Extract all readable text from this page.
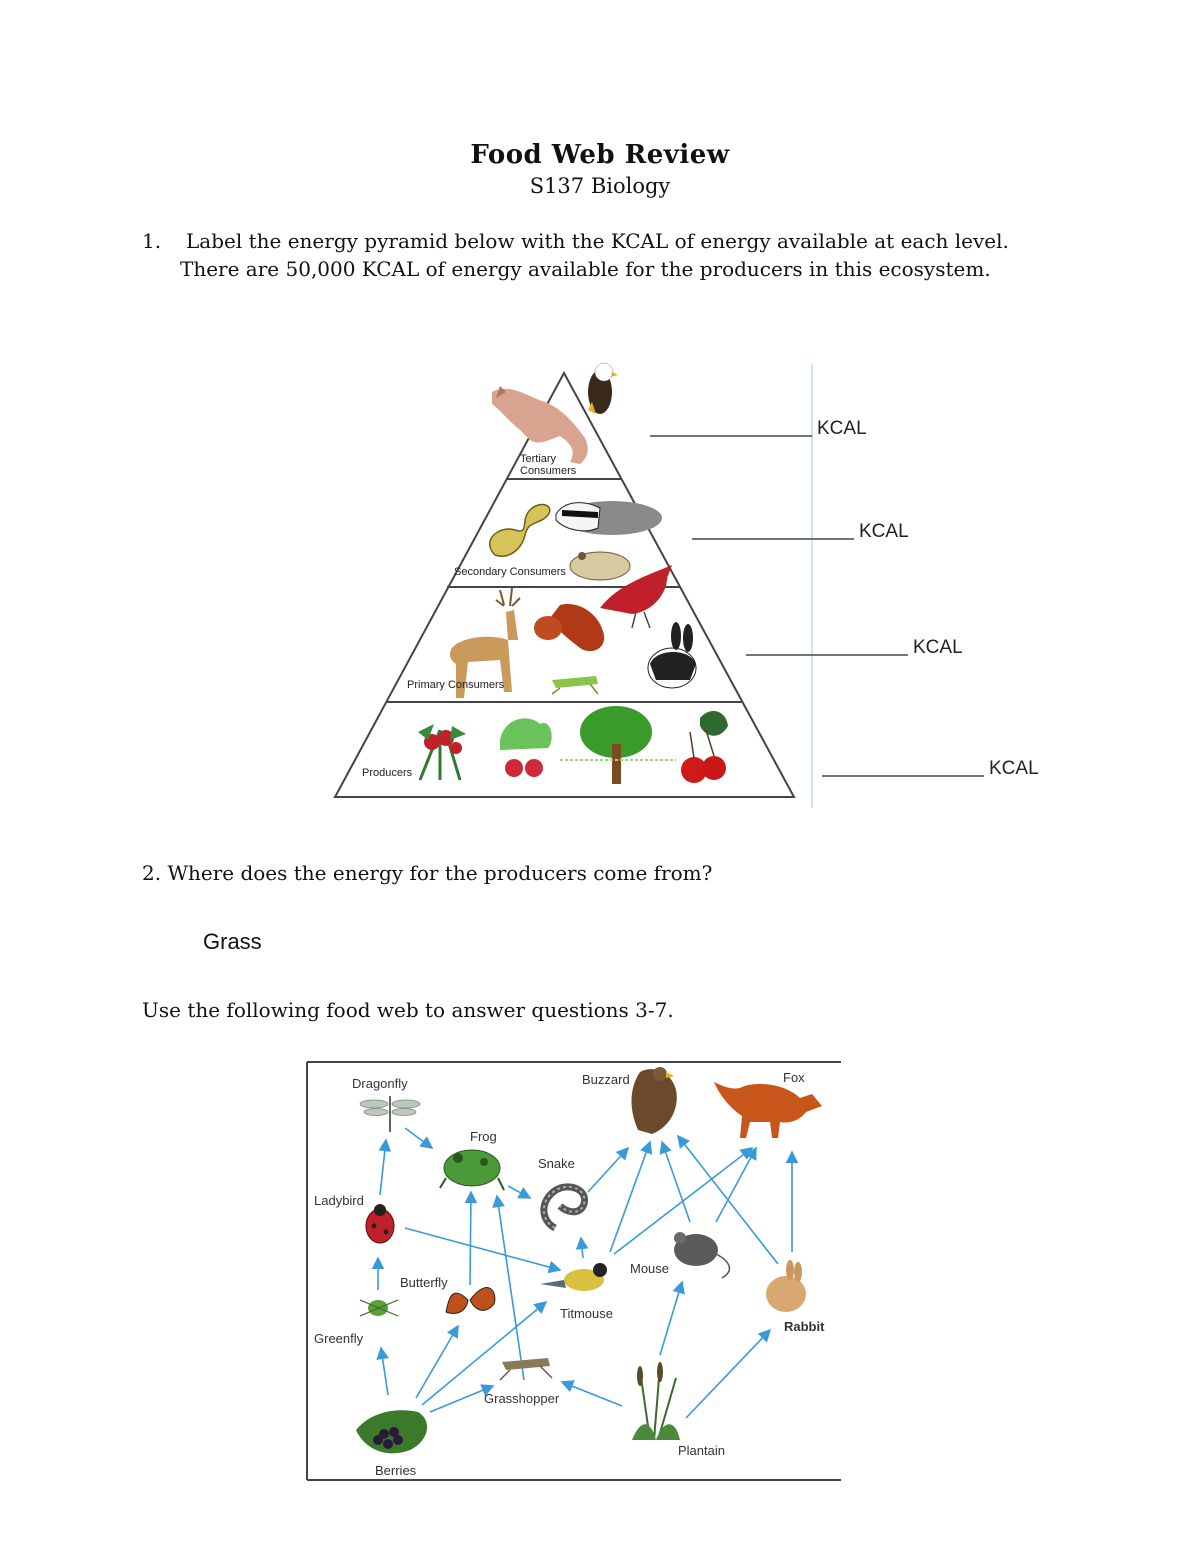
Food Web Review
S137 Biology
1. Label the energy pyramid below with the KCAL of energy available at each level.
There are 50,000 KCAL of energy available for the producers in this ecosystem.
Tertiary
Consumers
Secondary Consumers
Primary Consumers
Producers
KCAL
KCAL
KCAL
KCAL
Dragonfly
Frog
Snake
Buzzard	Fox
Ladybird
Butterfly
Titmouse
Mouse
Greenfly
Rabbit
Grasshopper
Plantain
Berries
2. Where does the energy for the producers come from?
Grass
Use the following food web to answer questions 3-7.
